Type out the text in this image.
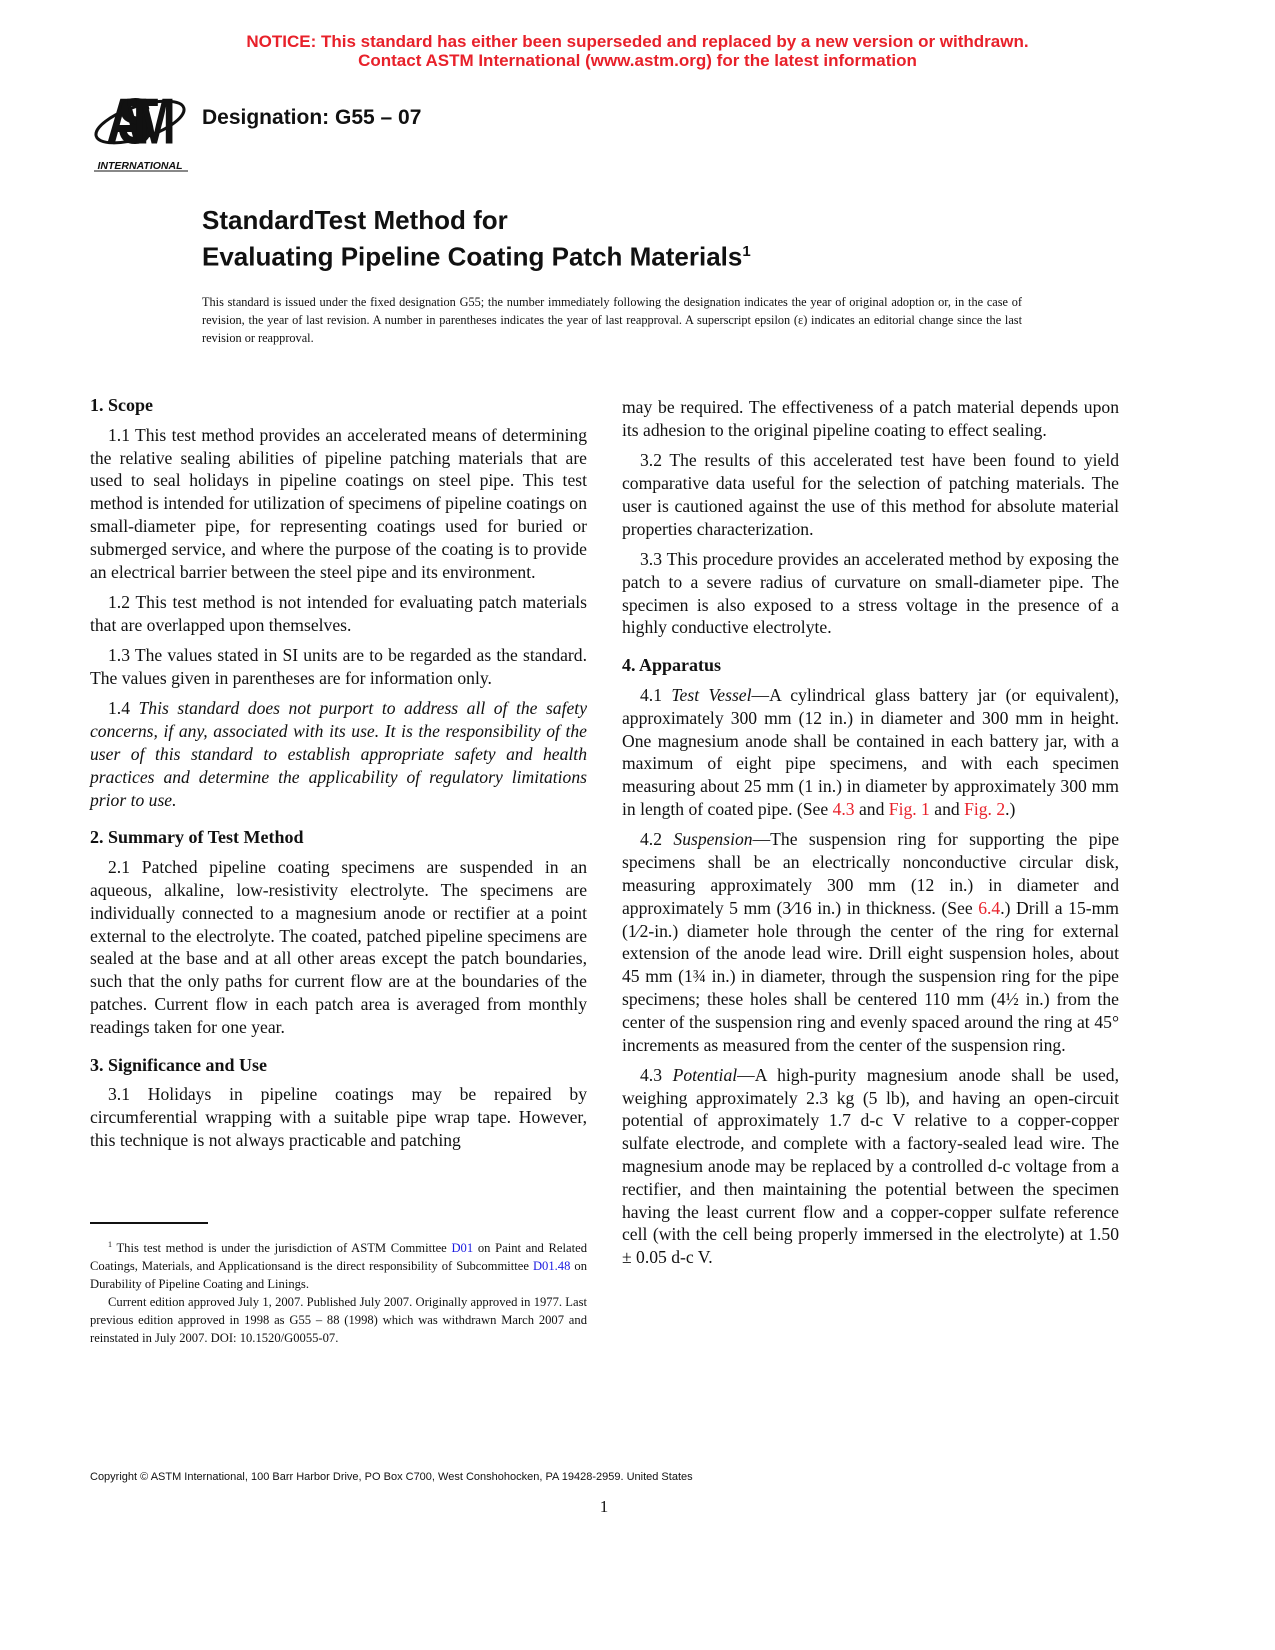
NOTICE: This standard has either been superseded and replaced by a new version or withdrawn.
Contact ASTM International (www.astm.org) for the latest information
ASTM
INTERNATIONAL
Designation: G55 – 07
StandardTest Method for
Evaluating Pipeline Coating Patch Materials$^1$
This standard is issued under the fixed designation G55; the number immediately following the designation indicates the year of original adoption or, in the case of revision, the year of last revision. A number in parentheses indicates the year of last reapproval. A superscript epsilon (ε) indicates an editorial change since the last revision or reapproval.
1. Scope

1.1 This test method provides an accelerated means of determining the relative sealing abilities of pipeline patching materials that are used to seal holidays in pipeline coatings on steel pipe. This test method is intended for utilization of specimens of pipeline coatings on small-diameter pipe, for representing coatings used for buried or submerged service, and where the purpose of the coating is to provide an electrical barrier between the steel pipe and its environment.

1.2 This test method is not intended for evaluating patch materials that are overlapped upon themselves.

1.3 The values stated in SI units are to be regarded as the standard. The values given in parentheses are for information only.

1.4 This standard does not purport to address all of the safety concerns, if any, associated with its use. It is the responsibility of the user of this standard to establish appropriate safety and health practices and determine the applicability of regulatory limitations prior to use.

2. Summary of Test Method

2.1 Patched pipeline coating specimens are suspended in an aqueous, alkaline, low-resistivity electrolyte. The specimens are individually connected to a magnesium anode or rectifier at a point external to the electrolyte. The coated, patched pipeline specimens are sealed at the base and at all other areas except the patch boundaries, such that the only paths for current flow are at the boundaries of the patches. Current flow in each patch area is averaged from monthly readings taken for one year.

3. Significance and Use

3.1 Holidays in pipeline coatings may be repaired by circumferential wrapping with a suitable pipe wrap tape. However, this technique is not always practicable and patching

may be required. The effectiveness of a patch material depends upon its adhesion to the original pipeline coating to effect sealing.

3.2 The results of this accelerated test have been found to yield comparative data useful for the selection of patching materials. The user is cautioned against the use of this method for absolute material properties characterization.

3.3 This procedure provides an accelerated method by exposing the patch to a severe radius of curvature on small-diameter pipe. The specimen is also exposed to a stress voltage in the presence of a highly conductive electrolyte.

4. Apparatus

4.1 Test Vessel—A cylindrical glass battery jar (or equivalent), approximately 300 mm (12 in.) in diameter and 300 mm in height. One magnesium anode shall be contained in each battery jar, with a maximum of eight pipe specimens, and with each specimen measuring about 25 mm (1 in.) in diameter by approximately 300 mm in length of coated pipe. (See 4.3 and Fig. 1 and Fig. 2.)

4.2 Suspension—The suspension ring for supporting the pipe specimens shall be an electrically nonconductive circular disk, measuring approximately 300 mm (12 in.) in diameter and approximately 5 mm (3⁄16 in.) in thickness. (See 6.4.) Drill a 15-mm (1⁄2-in.) diameter hole through the center of the ring for external extension of the anode lead wire. Drill eight suspension holes, about 45 mm (1¾ in.) in diameter, through the suspension ring for the pipe specimens; these holes shall be centered 110 mm (4½ in.) from the center of the suspension ring and evenly spaced around the ring at 45° increments as measured from the center of the suspension ring.

4.3 Potential—A high-purity magnesium anode shall be used, weighing approximately 2.3 kg (5 lb), and having an open-circuit potential of approximately 1.7 d-c V relative to a copper-copper sulfate electrode, and complete with a factory-sealed lead wire. The magnesium anode may be replaced by a controlled d-c voltage from a rectifier, and then maintaining the potential between the specimen having the least current flow and a copper-copper sulfate reference cell (with the cell being properly immersed in the electrolyte) at 1.50 ± 0.05 d-c V.

$^1$ This test method is under the jurisdiction of ASTM Committee D01 on Paint and Related Coatings, Materials, and Applicationsand is the direct responsibility of Subcommittee D01.48 on Durability of Pipeline Coating and Linings.

Current edition approved July 1, 2007. Published July 2007. Originally approved in 1977. Last previous edition approved in 1998 as G55 – 88 (1998) which was withdrawn March 2007 and reinstated in July 2007. DOI: 10.1520/G0055-07.

Copyright © ASTM International, 100 Barr Harbor Drive, PO Box C700, West Conshohocken, PA 19428-2959. United States
1
